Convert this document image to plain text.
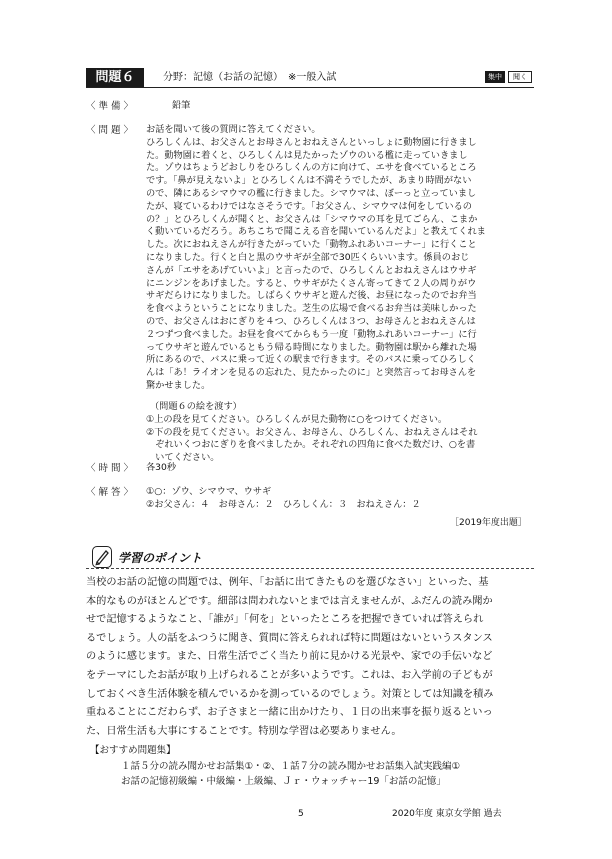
問題６	分野：記憶（お話の記憶）　※一般入試	集中	聞く
〈 準 備 〉	鉛筆
〈 問 題 〉 お話を聞いて後の質問に答えてください。
ひろしくんは、お父さんとお母さんとおねえさんといっしょに動物園に行きまし
た。動物園に着くと、ひろしくんは見たかったゾウのいる檻に走っていきまし
た。ゾウはちょうどおしりをひろしくんの方に向けて、エサを食べているところ
です。「鼻が見えないよ」とひろしくんは不満そうでしたが、あまり時間がない
ので、隣にあるシマウマの檻に行きました。シマウマは、ぼーっと立っていまし
たが、寝ているわけではなさそうです。「お父さん、シマウマは何をしているの
の？」とひろしくんが聞くと、お父さんは「シマウマの耳を見てごらん、こまか
く動いているだろう。あちこちで聞こえる音を聞いているんだよ」と教えてくれま
した。次におねえさんが行きたがっていた「動物ふれあいコーナー」に行くこと
になりました。行くと白と黒のウサギが全部で30匹くらいいます。係員のおじ
さんが「エサをあげていいよ」と言ったので、ひろしくんとおねえさんはウサギ
にニンジンをあげました。すると、ウサギがたくさん寄ってきて２人の周りがウ
サギだらけになりました。しばらくウサギと遊んだ後、お昼になったのでお弁当
を食べようということになりました。芝生の広場で食べるお弁当は美味しかった
ので、お父さんはおにぎりを４つ、ひろしくんは３つ、お母さんとおねえさんは
２つずつ食べました。お昼を食べてからもう一度「動物ふれあいコーナー」に行
ってウサギと遊んでいるともう帰る時間になりました。動物園は駅から離れた場
所にあるので、バスに乗って近くの駅まで行きます。そのバスに乗ってひろしく
んは「あ！ライオンを見るの忘れた、見たかったのに」と突然言ってお母さんを
驚かせました。
（問題６の絵を渡す）
①上の段を見てください。ひろしくんが見た動物に○をつけてください。
②下の段を見てください。お父さん、お母さん、ひろしくん、おねえさんはそれ
　ぞれいくつおにぎりを食べましたか。それぞれの四角に食べた数だけ、○を書
　いてください。
〈 時 間 〉 各30秒
〈 解 答 〉 ①○：ゾウ、シマウマ、ウサギ
②お父さん：４　お母さん：２　ひろしくん：３　おねえさん：２
［2019年度出題］
学習のポイント
当校のお話の記憶の問題では、例年、「お話に出てきたものを選びなさい」といった、基
本的なものがほとんどです。細部は問われないとまでは言えませんが、ふだんの読み聞か
せで記憶するようなこと、「誰が」「何を」といったところを把握できていれば答えられ
るでしょう。人の話をふつうに聞き、質問に答えられれば特に問題はないというスタンス
のように感じます。また、日常生活でごく当たり前に見かける光景や、家での手伝いなど
をテーマにしたお話が取り上げられることが多いようです。これは、お入学前の子どもが
しておくべき生活体験を積んでいるかを測っているのでしょう。対策としては知識を積み
重ねることにこだわらず、お子さまと一緒に出かけたり、１日の出来事を振り返るといっ
た、日常生活も大事にすることです。特別な学習は必要ありません。
【おすすめ問題集】
１話５分の読み聞かせお話集①・②、１話７分の読み聞かせお話集入試実践編①
お話の記憶初級編・中級編・上級編、Ｊｒ・ウォッチャー19「お話の記憶」
5	2020年度 東京女学館 過去
